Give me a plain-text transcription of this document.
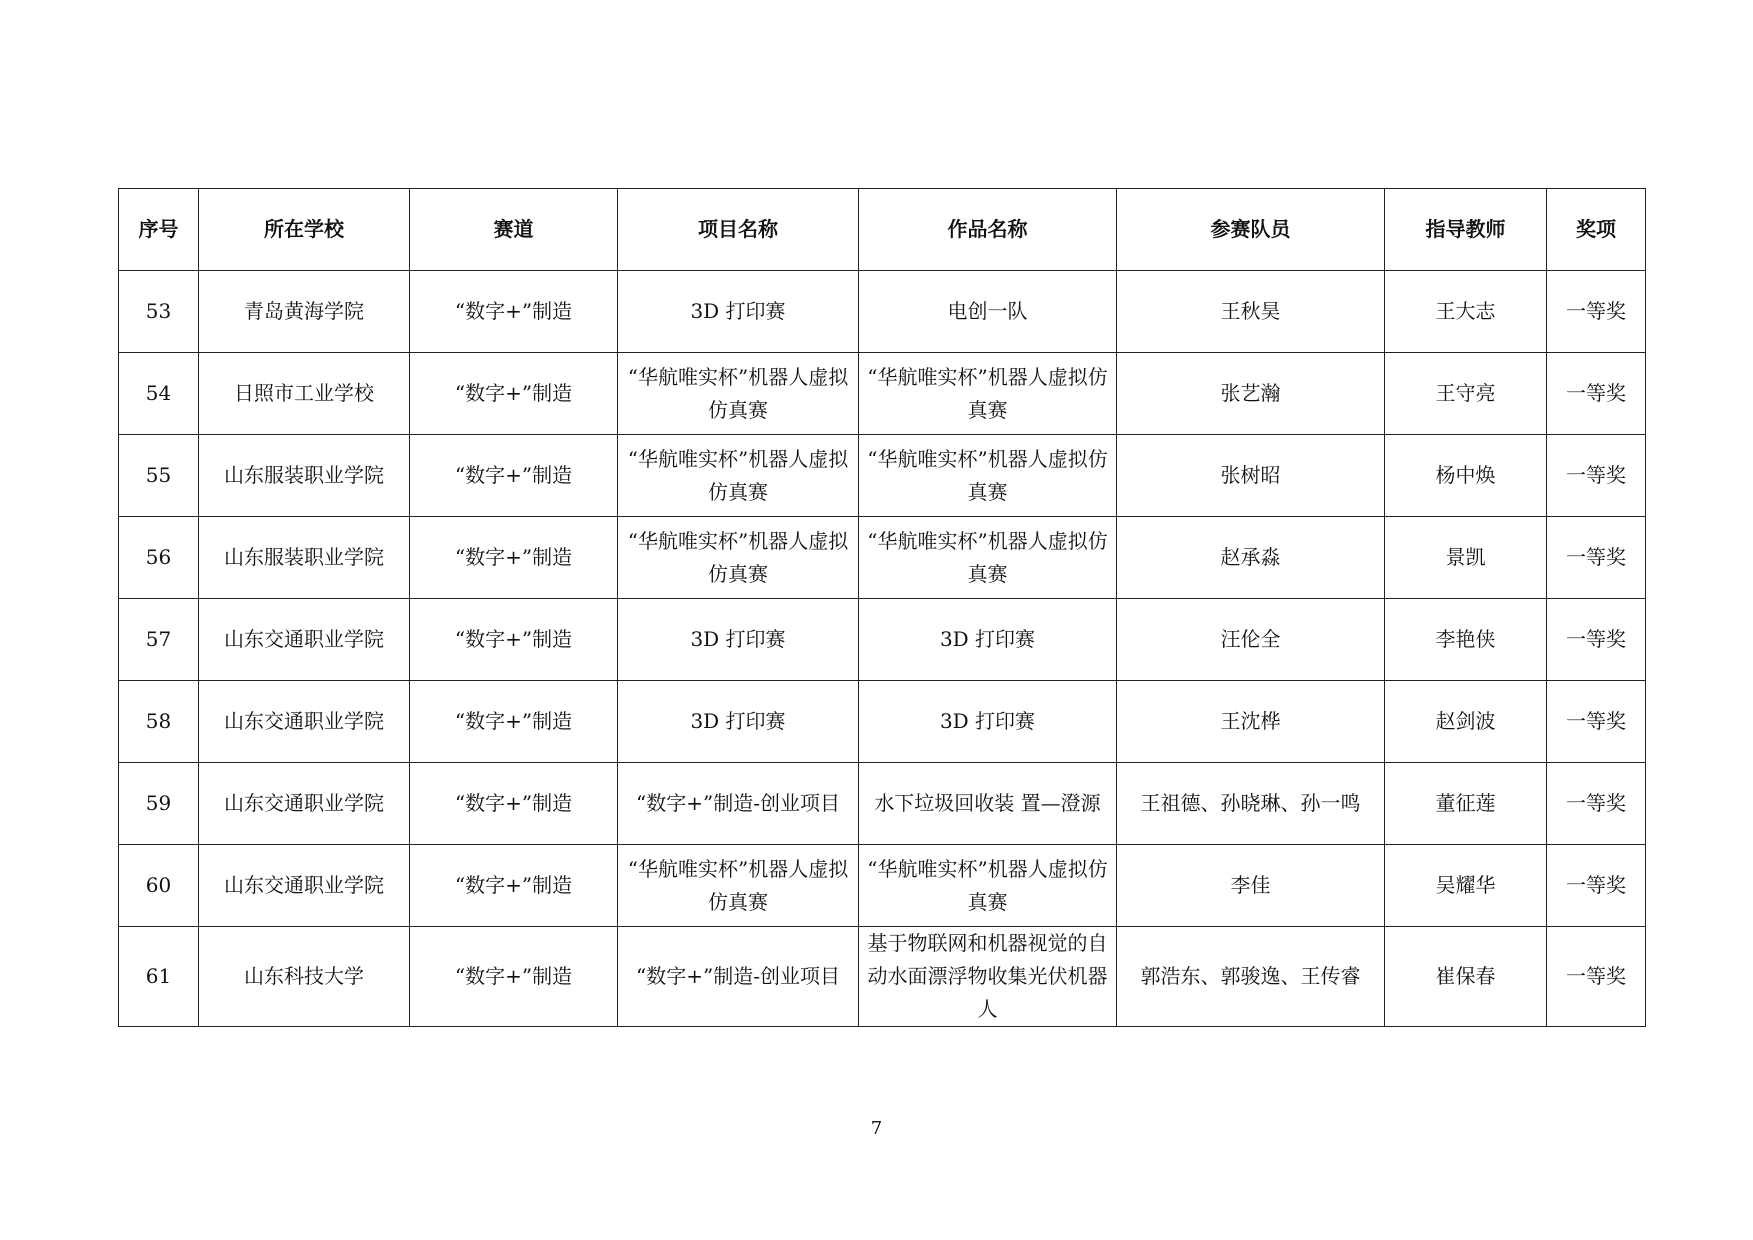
序号	所在学校	赛道	项目名称	作品名称	参赛队员	指导教师	奖项
53	青岛黄海学院	“数字+”制造	3D 打印赛	电创一队	王秋昊	王大志	一等奖
54	日照市工业学校	“数字+”制造	“华航唯实杯”机器人虚拟仿真赛	“华航唯实杯”机器人虚拟仿真赛	张艺瀚	王守亮	一等奖
55	山东服装职业学院	“数字+”制造	“华航唯实杯”机器人虚拟仿真赛	“华航唯实杯”机器人虚拟仿真赛	张树昭	杨中焕	一等奖
56	山东服装职业学院	“数字+”制造	“华航唯实杯”机器人虚拟仿真赛	“华航唯实杯”机器人虚拟仿真赛	赵承淼	景凯	一等奖
57	山东交通职业学院	“数字+”制造	3D 打印赛	3D 打印赛	汪伦全	李艳侠	一等奖
58	山东交通职业学院	“数字+”制造	3D 打印赛	3D 打印赛	王沈桦	赵剑波	一等奖
59	山东交通职业学院	“数字+”制造	“数字+”制造-创业项目	水下垃圾回收装 置—澄源	王祖德、孙晓琳、孙一鸣	董征莲	一等奖
60	山东交通职业学院	“数字+”制造	“华航唯实杯”机器人虚拟仿真赛	“华航唯实杯”机器人虚拟仿真赛	李佳	吴耀华	一等奖
61	山东科技大学	“数字+”制造	“数字+”制造-创业项目	基于物联网和机器视觉的自动水面漂浮物收集光伏机器人	郭浩东、郭骏逸、王传睿	崔保春	一等奖
7
